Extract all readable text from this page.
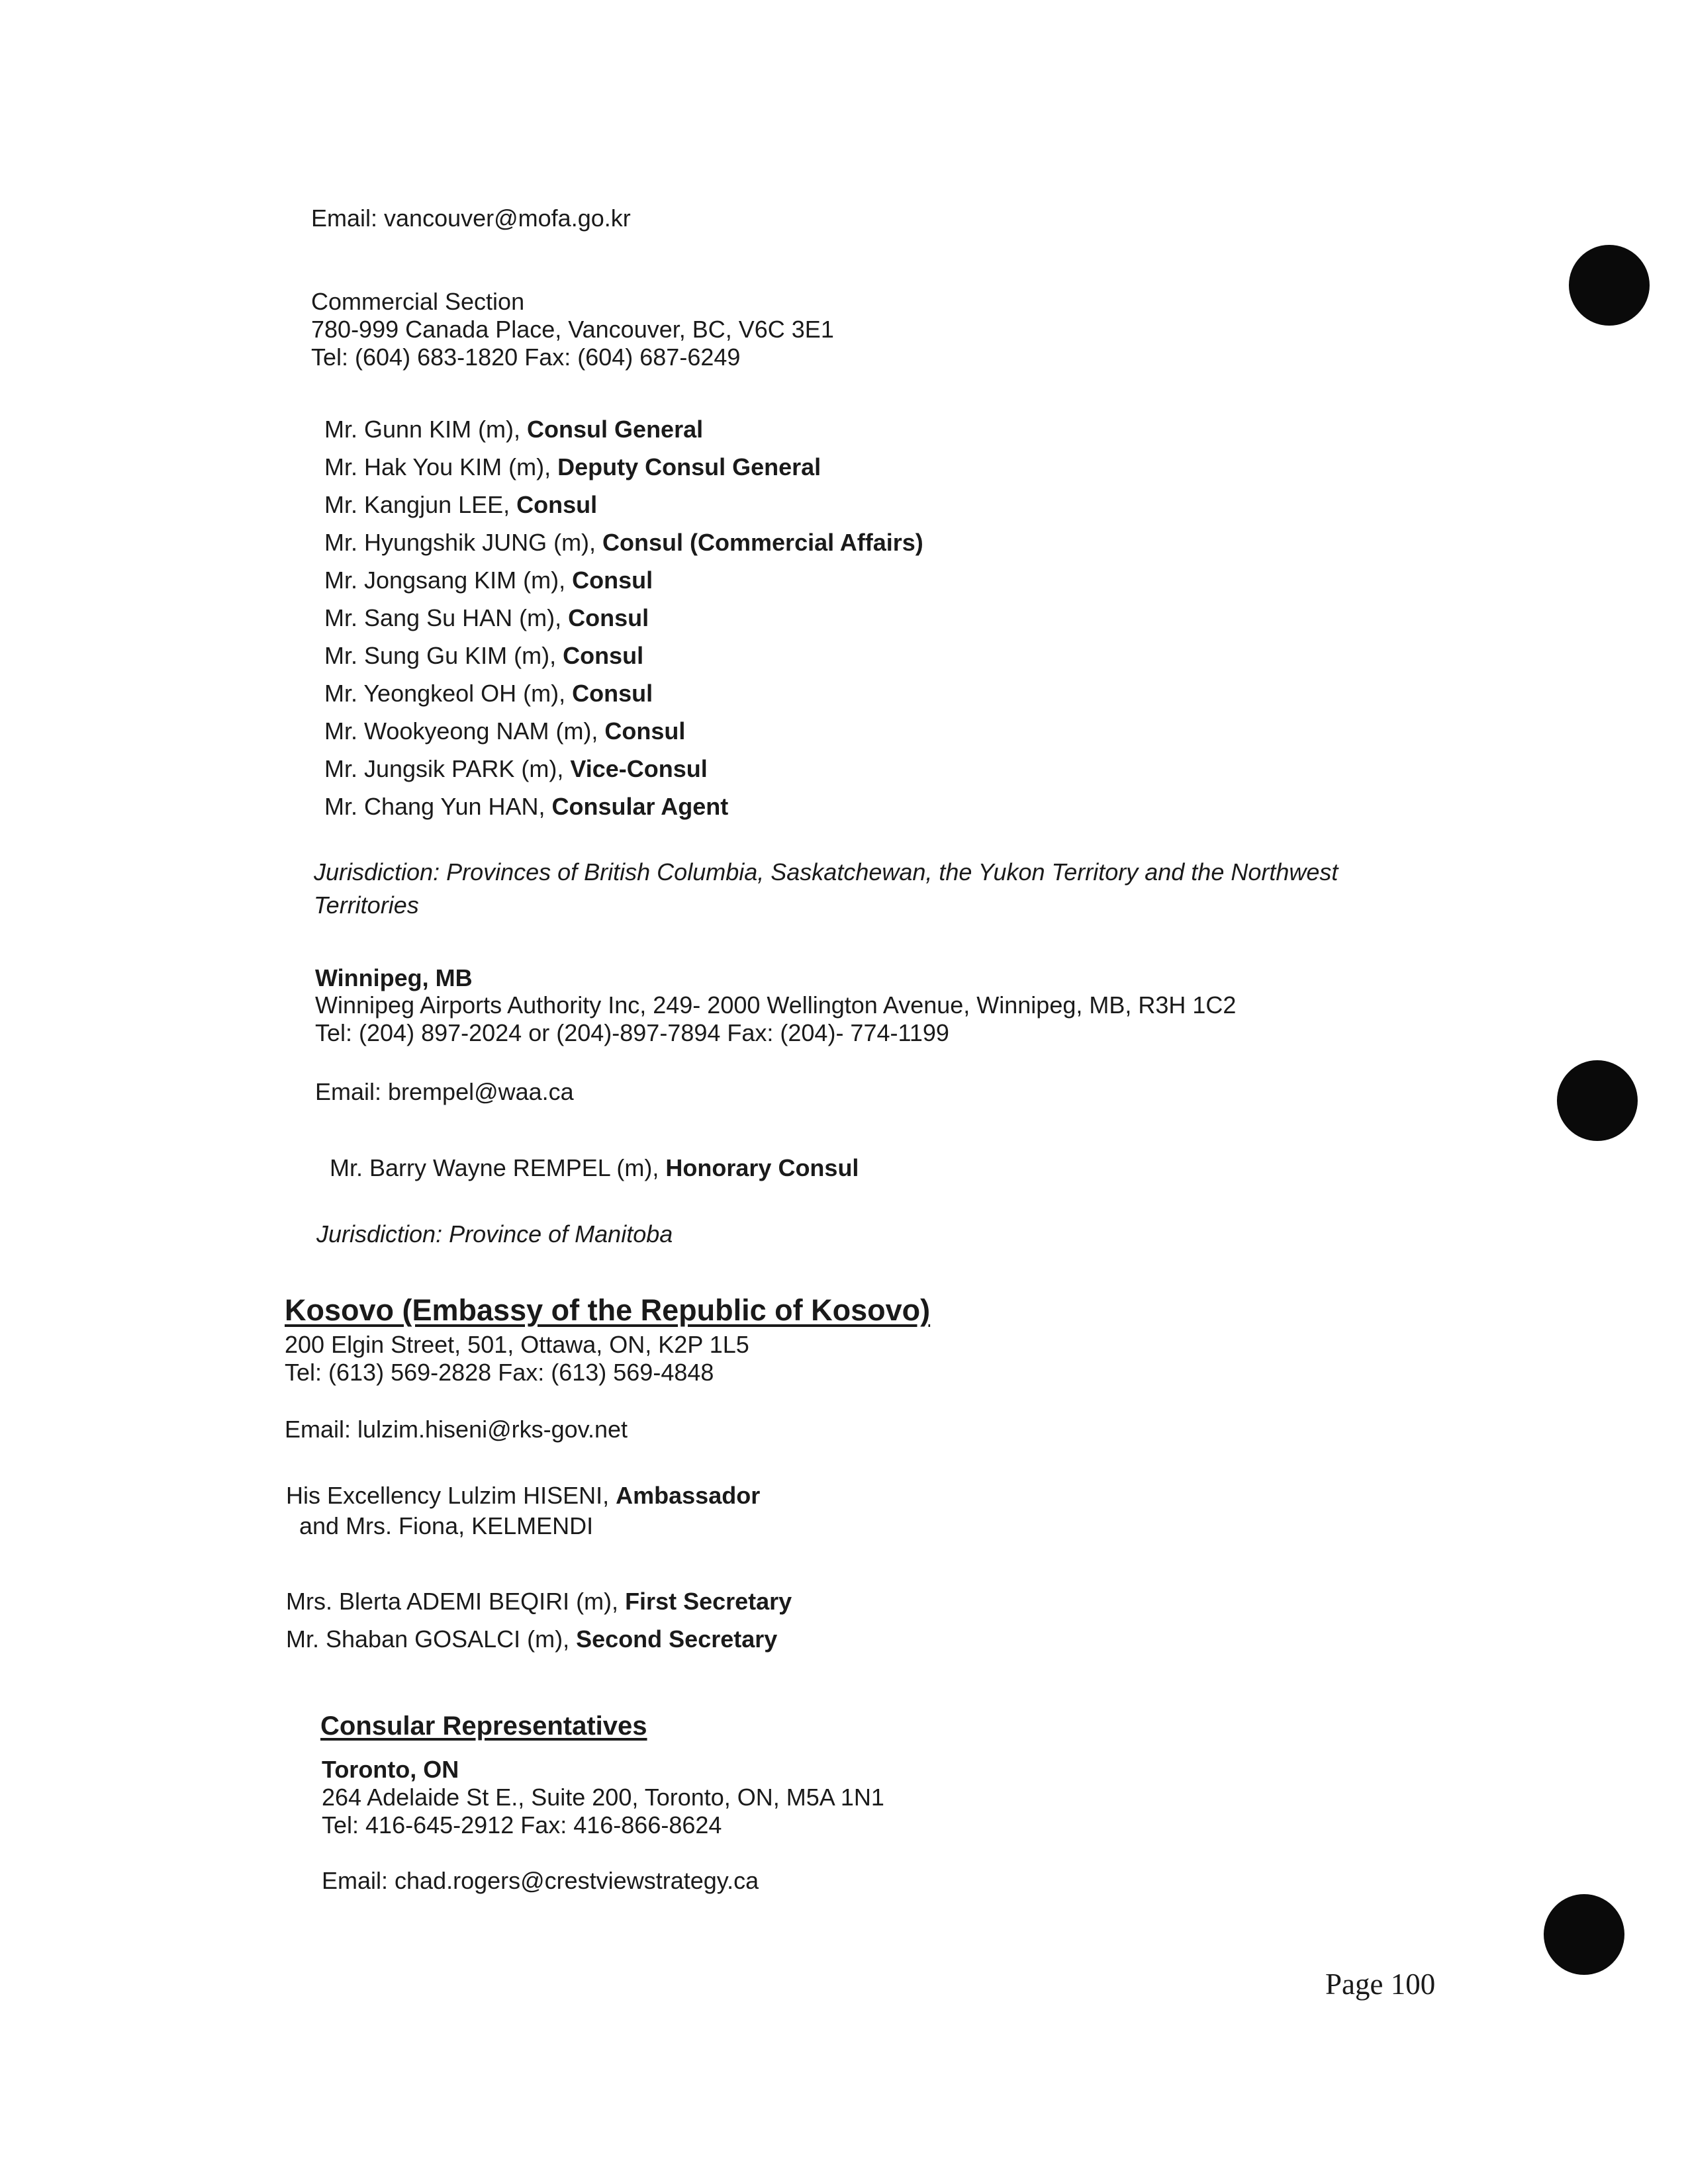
Email: vancouver@mofa.go.kr
Commercial Section
780-999 Canada Place, Vancouver, BC, V6C 3E1
Tel: (604) 683-1820 Fax: (604) 687-6249
Mr. Gunn KIM (m), Consul General
Mr. Hak You KIM (m), Deputy Consul General
Mr. Kangjun LEE, Consul
Mr. Hyungshik JUNG (m), Consul (Commercial Affairs)
Mr. Jongsang KIM (m), Consul
Mr. Sang Su HAN (m), Consul
Mr. Sung Gu KIM (m), Consul
Mr. Yeongkeol OH (m), Consul
Mr. Wookyeong NAM (m), Consul
Mr. Jungsik PARK (m), Vice-Consul
Mr. Chang Yun HAN, Consular Agent
Jurisdiction: Provinces of British Columbia, Saskatchewan, the Yukon Territory and the Northwest
Territories
Winnipeg, MB
Winnipeg Airports Authority Inc, 249- 2000 Wellington Avenue, Winnipeg, MB, R3H 1C2
Tel: (204) 897-2024 or (204)-897-7894 Fax: (204)- 774-1199
Email: brempel@waa.ca
Mr. Barry Wayne REMPEL (m), Honorary Consul
Jurisdiction: Province of Manitoba
Kosovo (Embassy of the Republic of Kosovo)
200 Elgin Street, 501, Ottawa, ON, K2P 1L5
Tel: (613) 569-2828 Fax: (613) 569-4848
Email: lulzim.hiseni@rks-gov.net
His Excellency Lulzim HISENI, Ambassador
and Mrs. Fiona, KELMENDI
Mrs. Blerta ADEMI BEQIRI (m), First Secretary
Mr. Shaban GOSALCI (m), Second Secretary
Consular Representatives
Toronto, ON
264 Adelaide St E., Suite 200, Toronto, ON, M5A 1N1
Tel: 416-645-2912 Fax: 416-866-8624
Email: chad.rogers@crestviewstrategy.ca
Page 100
